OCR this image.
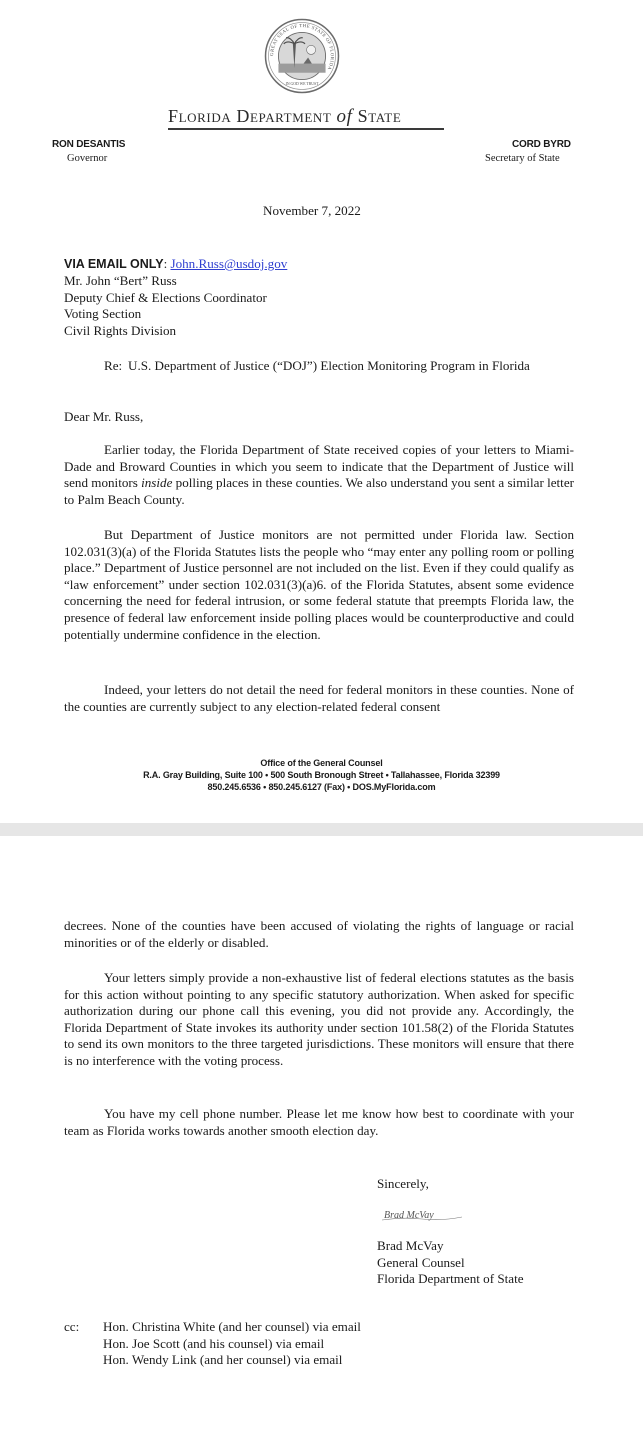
GREAT SEAL OF THE STATE OF FLORIDA
IN GOD WE TRUST
Florida Department of State
RON DESANTIS
Governor
CORD BYRD
Secretary of State
November 7, 2022
VIA EMAIL ONLY: John.Russ@usdoj.gov
Mr. John “Bert” Russ
Deputy Chief & Elections Coordinator
Voting Section
Civil Rights Division
Re: U.S. Department of Justice (“DOJ”) Election Monitoring Program in Florida
Dear Mr. Russ,

Earlier today, the Florida Department of State received copies of your letters to Miami-Dade and Broward Counties in which you seem to indicate that the Department of Justice will send monitors inside polling places in these counties. We also understand you sent a similar letter to Palm Beach County.

But Department of Justice monitors are not permitted under Florida law. Section 102.031(3)(a) of the Florida Statutes lists the people who “may enter any polling room or polling place.” Department of Justice personnel are not included on the list. Even if they could qualify as “law enforcement” under section 102.031(3)(a)6. of the Florida Statutes, absent some evidence concerning the need for federal intrusion, or some federal statute that preempts Florida law, the presence of federal law enforcement inside polling places would be counterproductive and could potentially undermine confidence in the election.

Indeed, your letters do not detail the need for federal monitors in these counties. None of the counties are currently subject to any election-related federal consent

Office of the General Counsel
R.A. Gray Building, Suite 100 • 500 South Bronough Street • Tallahassee, Florida 32399
850.245.6536 • 850.245.6127 (Fax) • DOS.MyFlorida.com

decrees. None of the counties have been accused of violating the rights of language or racial minorities or of the elderly or disabled.

Your letters simply provide a non-exhaustive list of federal elections statutes as the basis for this action without pointing to any specific statutory authorization. When asked for specific authorization during our phone call this evening, you did not provide any. Accordingly, the Florida Department of State invokes its authority under section 101.58(2) of the Florida Statutes to send its own monitors to the three targeted jurisdictions. These monitors will ensure that there is no interference with the voting process.

You have my cell phone number. Please let me know how best to coordinate with your team as Florida works towards another smooth election day.

Sincerely,
Brad McVay
Brad McVay
General Counsel
Florida Department of State
cc: Hon. Christina White (and her counsel) via email
Hon. Joe Scott (and his counsel) via email
Hon. Wendy Link (and her counsel) via email
